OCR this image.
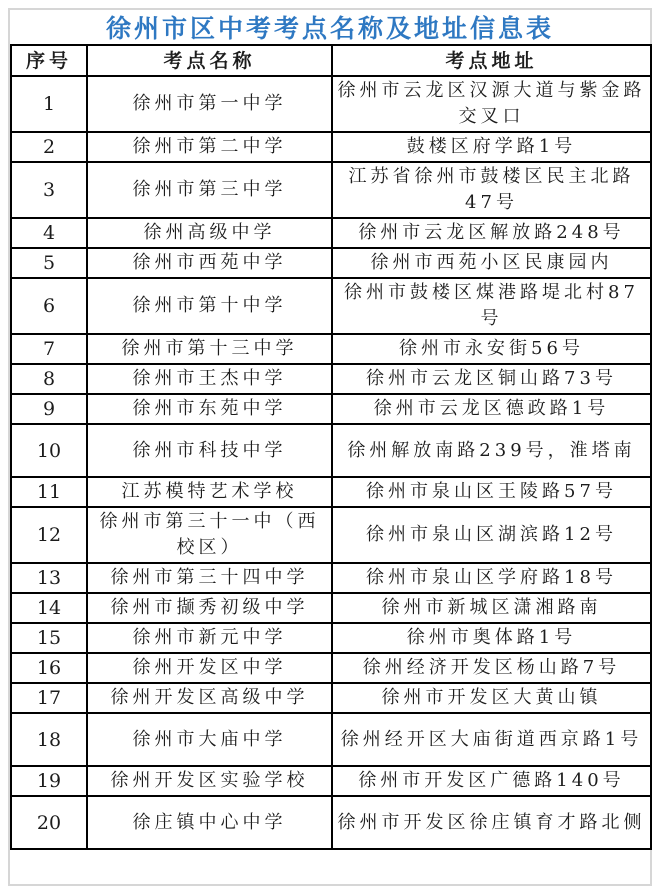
徐州市区中考考点名称及地址信息表
序号	考点名称	考点地址
1	徐州市第一中学	徐州市云龙区汉源大道与紫金路交叉口
2	徐州市第二中学	鼓楼区府学路1号
3	徐州市第三中学	江苏省徐州市鼓楼区民主北路47号
4	徐州高级中学	徐州市云龙区解放路248号
5	徐州市西苑中学	徐州市西苑小区民康园内
6	徐州市第十中学	徐州市鼓楼区煤港路堤北村87号
7	徐州市第十三中学	徐州市永安街56号
8	徐州市王杰中学	徐州市云龙区铜山路73号
9	徐州市东苑中学	徐州市云龙区德政路1号
10	徐州市科技中学	徐州解放南路239号，淮塔南
11	江苏模特艺术学校	徐州市泉山区王陵路57号
12	徐州市第三十一中（西校区）	徐州市泉山区湖滨路12号
13	徐州市第三十四中学	徐州市泉山区学府路18号
14	徐州市撷秀初级中学	徐州市新城区潇湘路南
15	徐州市新元中学	徐州市奥体路1号
16	徐州开发区中学	徐州经济开发区杨山路7号
17	徐州开发区高级中学	徐州市开发区大黄山镇
18	徐州市大庙中学	徐州经开区大庙街道西京路1号
19	徐州开发区实验学校	徐州市开发区广德路140号
20	徐庄镇中心中学	徐州市开发区徐庄镇育才路北侧
